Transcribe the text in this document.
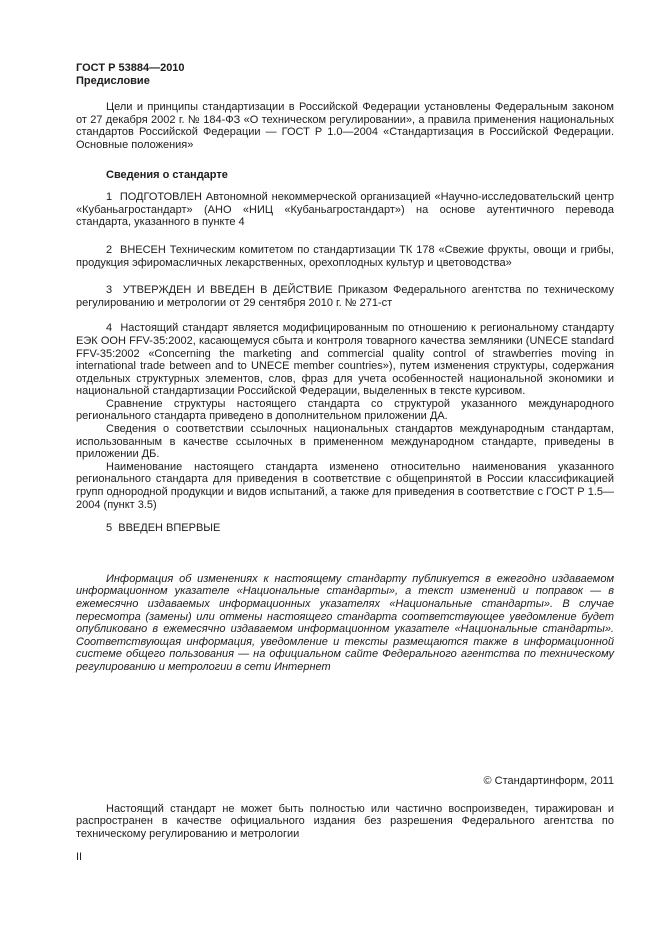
ГОСТ Р 53884—2010

Предисловие

Цели и принципы стандартизации в Российской Федерации установлены Федеральным законом от 27 декабря 2002 г. № 184-ФЗ «О техническом регулировании», а правила применения национальных стандартов Российской Федерации — ГОСТ Р 1.0—2004 «Стандартизация в Российской Федерации. Основные положения»

Сведения о стандарте

1  ПОДГОТОВЛЕН Автономной некоммерческой организацией «Научно-исследовательский центр «Кубаньагростандарт» (АНО «НИЦ «Кубаньагростандарт») на основе аутентичного перевода стандарта, указанного в пункте 4

2  ВНЕСЕН Техническим комитетом по стандартизации ТК 178 «Свежие фрукты, овощи и грибы, продукция эфиромасличных лекарственных, орехоплодных культур и цветоводства»

3  УТВЕРЖДЕН И ВВЕДЕН В ДЕЙСТВИЕ Приказом Федерального агентства по техническому регулированию и метрологии от 29 сентября 2010 г. № 271-ст

4  Настоящий стандарт является модифицированным по отношению к региональному стандарту ЕЭК ООН FFV-35:2002, касающемуся сбыта и контроля товарного качества земляники (UNECE standard FFV-35:2002 «Concerning the marketing and commercial quality control of strawberries moving in international trade between and to UNECE member countries»), путем изменения структуры, содержания отдельных структурных элементов, слов, фраз для учета особенностей национальной экономики и национальной стандартизации Российской Федерации, выделенных в тексте курсивом.

Сравнение структуры настоящего стандарта со структурой указанного международного регионального стандарта приведено в дополнительном приложении ДА.

Сведения о соответствии ссылочных национальных стандартов международным стандартам, использованным в качестве ссылочных в примененном международном стандарте, приведены в приложении ДБ.

Наименование настоящего стандарта изменено относительно наименования указанного регионального стандарта для приведения в соответствие с общепринятой в России классификацией групп однородной продукции и видов испытаний, а также для приведения в соответствие с ГОСТ Р 1.5—2004 (пункт 3.5)

5  ВВЕДЕН ВПЕРВЫЕ

Информация об изменениях к настоящему стандарту публикуется в ежегодно издаваемом информационном указателе «Национальные стандарты», а текст изменений и поправок — в ежемесячно издаваемых информационных указателях «Национальные стандарты». В случае пересмотра (замены) или отмены настоящего стандарта соответствующее уведомление будет опубликовано в ежемесячно издаваемом информационном указателе «Национальные стандарты». Соответствующая информация, уведомление и тексты размещаются также в информационной системе общего пользования — на официальном сайте Федерального агентства по техническому регулированию и метрологии в сети Интернет

© Стандартинформ, 2011

Настоящий стандарт не может быть полностью или частично воспроизведен, тиражирован и распространен в качестве официального издания без разрешения Федерального агентства по техническому регулированию и метрологии

II
